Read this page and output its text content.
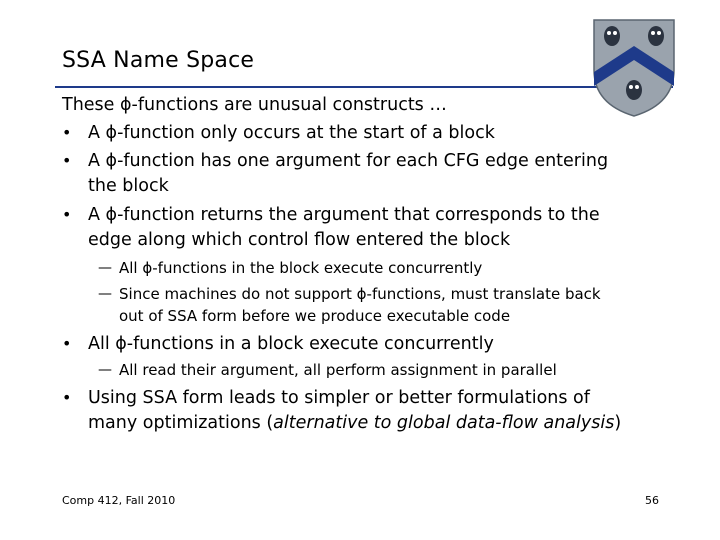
SSA Name Space
These ϕ-functions are unusual constructs …
• A ϕ-function only occurs at the start of a block
• A ϕ-function has one argument for each CFG edge entering
the block
• A ϕ-function returns the argument that corresponds to the
edge along which control flow entered the block
— All ϕ-functions in the block execute concurrently
— Since machines do not support ϕ-functions, must translate back
out of SSA form before we produce executable code
• All ϕ-functions in a block execute concurrently
— All read their argument, all perform assignment in parallel
• Using SSA form leads to simpler or better formulations of
many optimizations (alternative to global data-flow analysis)
Comp 412, Fall 2010	56
